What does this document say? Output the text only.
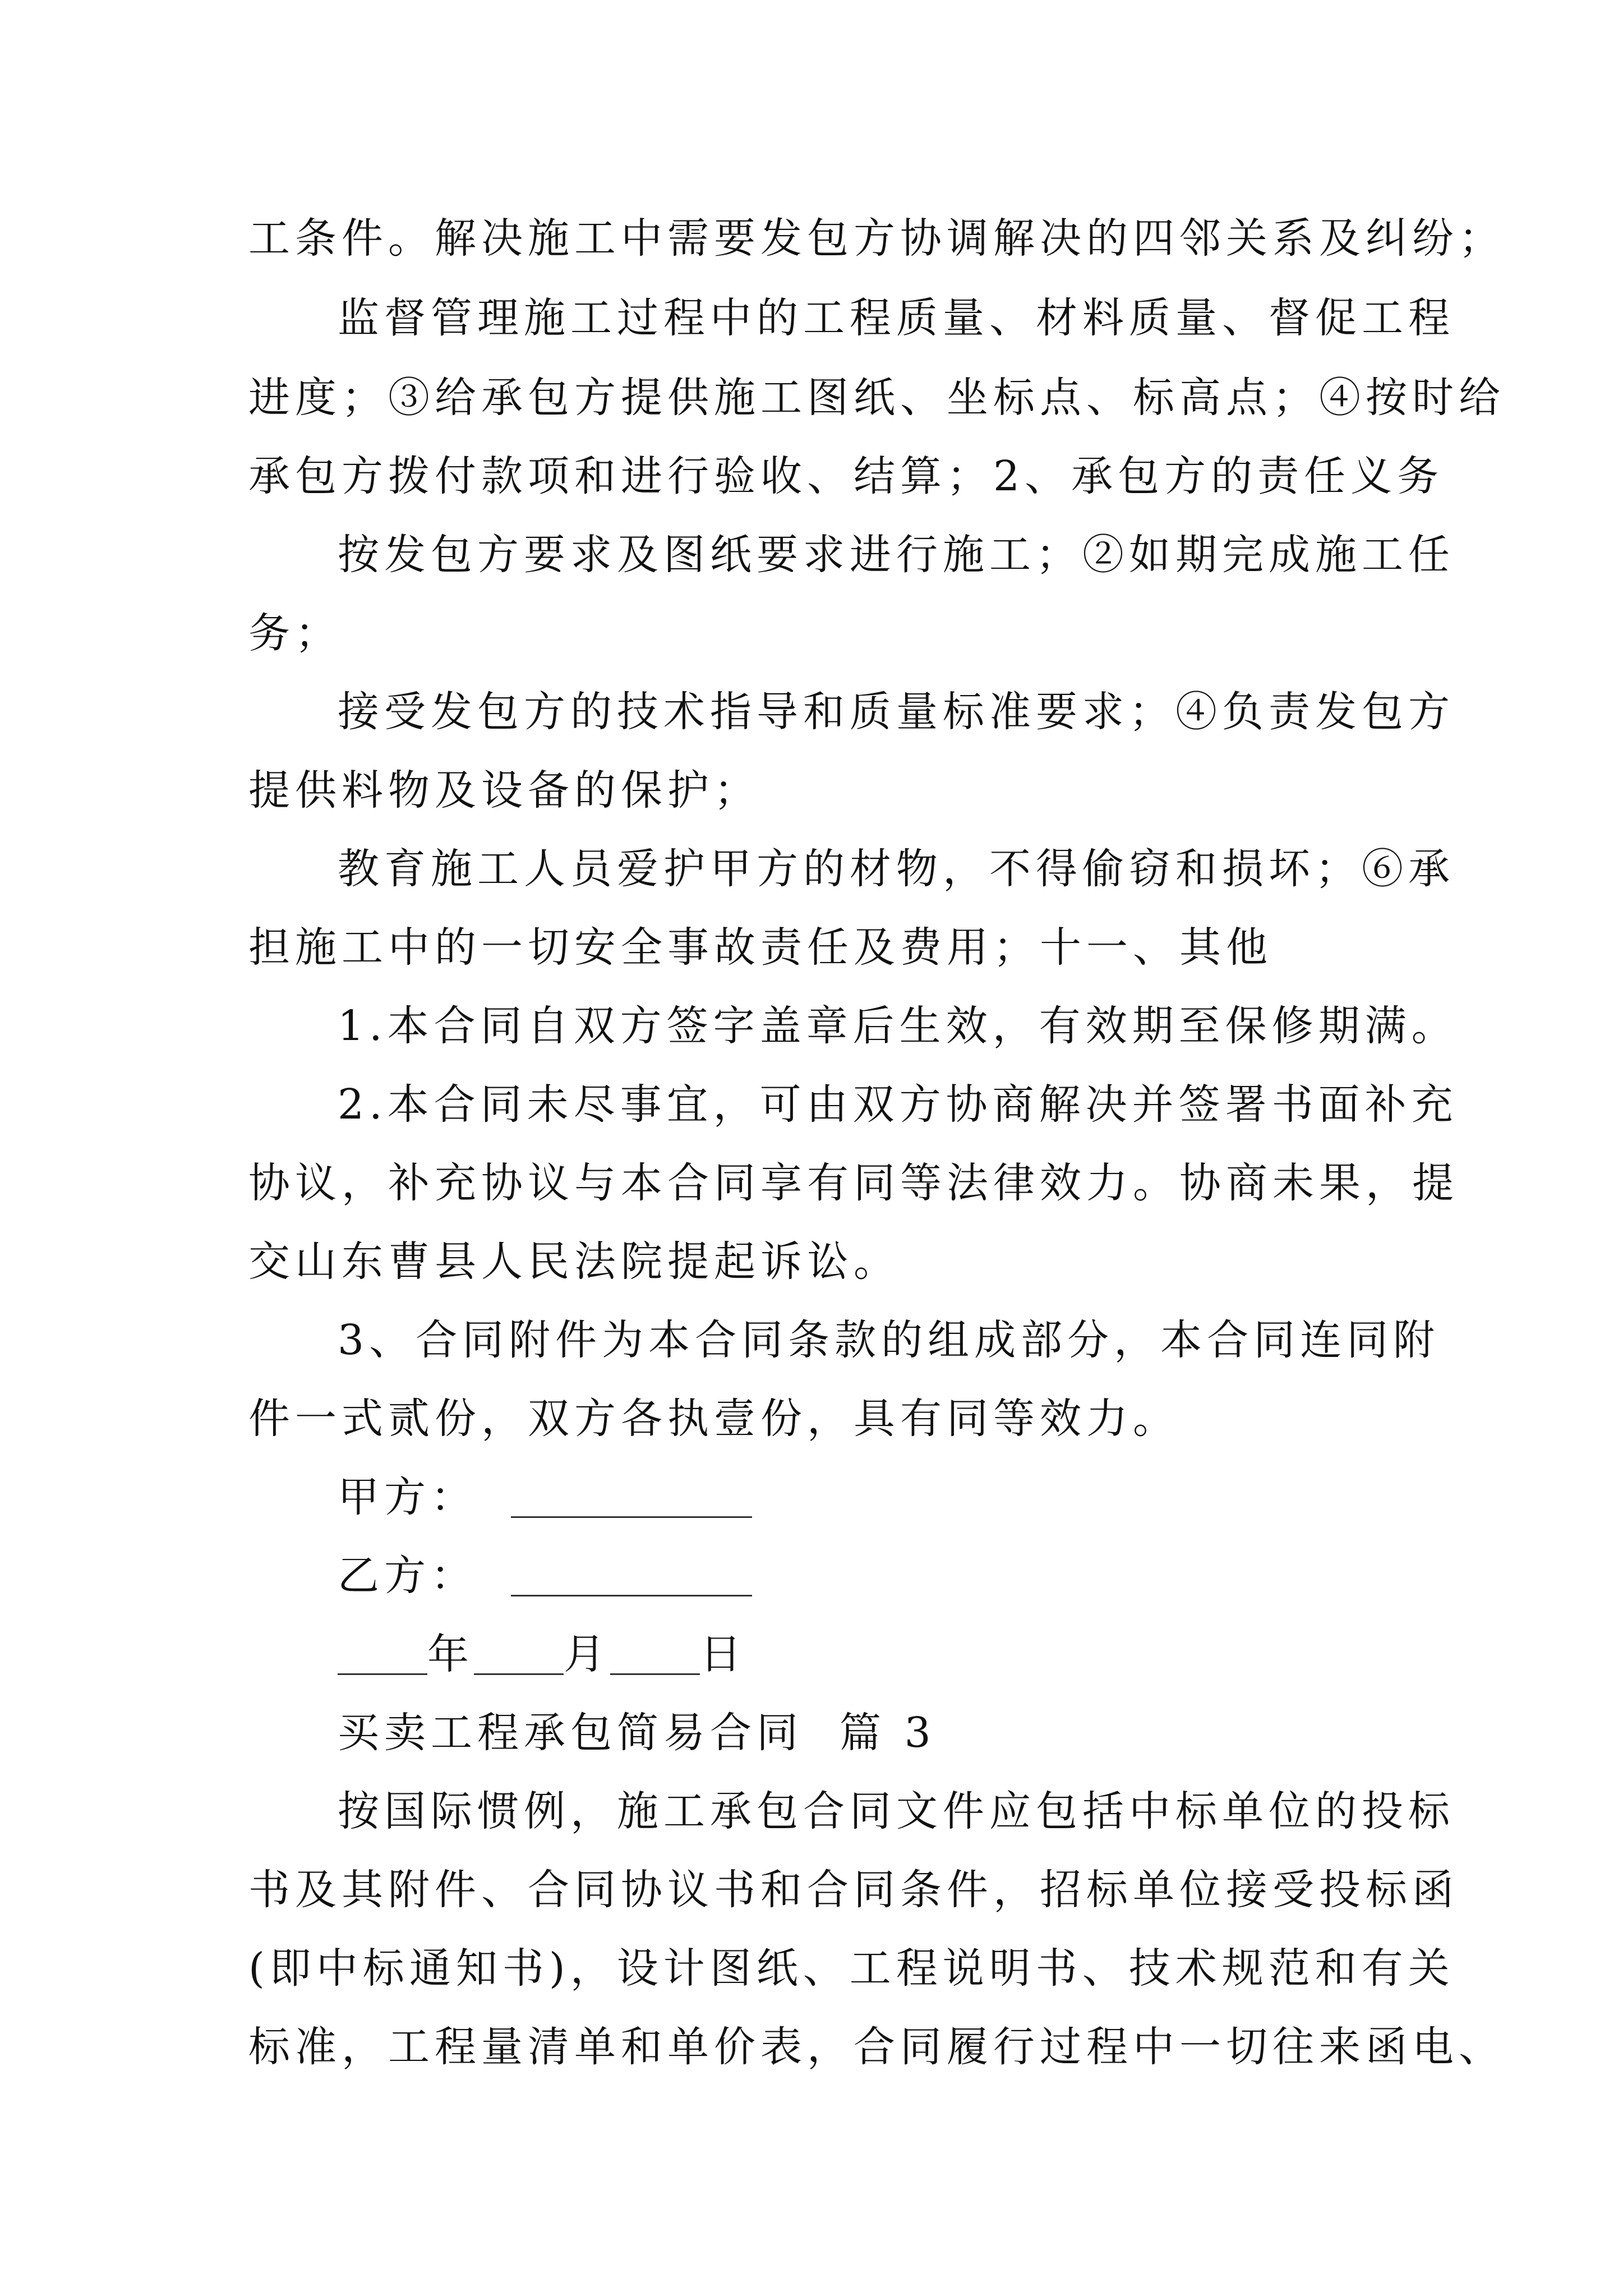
工条件。解决施工中需要发包方协调解决的四邻关系及纠纷；
监督管理施工过程中的工程质量、材料质量、督促工程
进度；③给承包方提供施工图纸、坐标点、标高点；④按时给
承包方拨付款项和进行验收、结算；2、承包方的责任义务
按发包方要求及图纸要求进行施工；②如期完成施工任
务；
接受发包方的技术指导和质量标准要求；④负责发包方
提供料物及设备的保护；
教育施工人员爱护甲方的材物，不得偷窃和损坏；⑥承
担施工中的一切安全事故责任及费用；十一、其他
1.本合同自双方签字盖章后生效，有效期至保修期满。
2.本合同未尽事宜，可由双方协商解决并签署书面补充
协议，补充协议与本合同享有同等法律效力。协商未果，提
交山东曹县人民法院提起诉讼。
3、合同附件为本合同条款的组成部分，本合同连同附
件一式贰份，双方各执壹份，具有同等效力。
甲方：
乙方：
年 月 日
买卖工程承包简易合同  篇 3
按国际惯例，施工承包合同文件应包括中标单位的投标
书及其附件、合同协议书和合同条件，招标单位接受投标函
(即中标通知书)，设计图纸、工程说明书、技术规范和有关
标准，工程量清单和单价表，合同履行过程中一切往来函电、
